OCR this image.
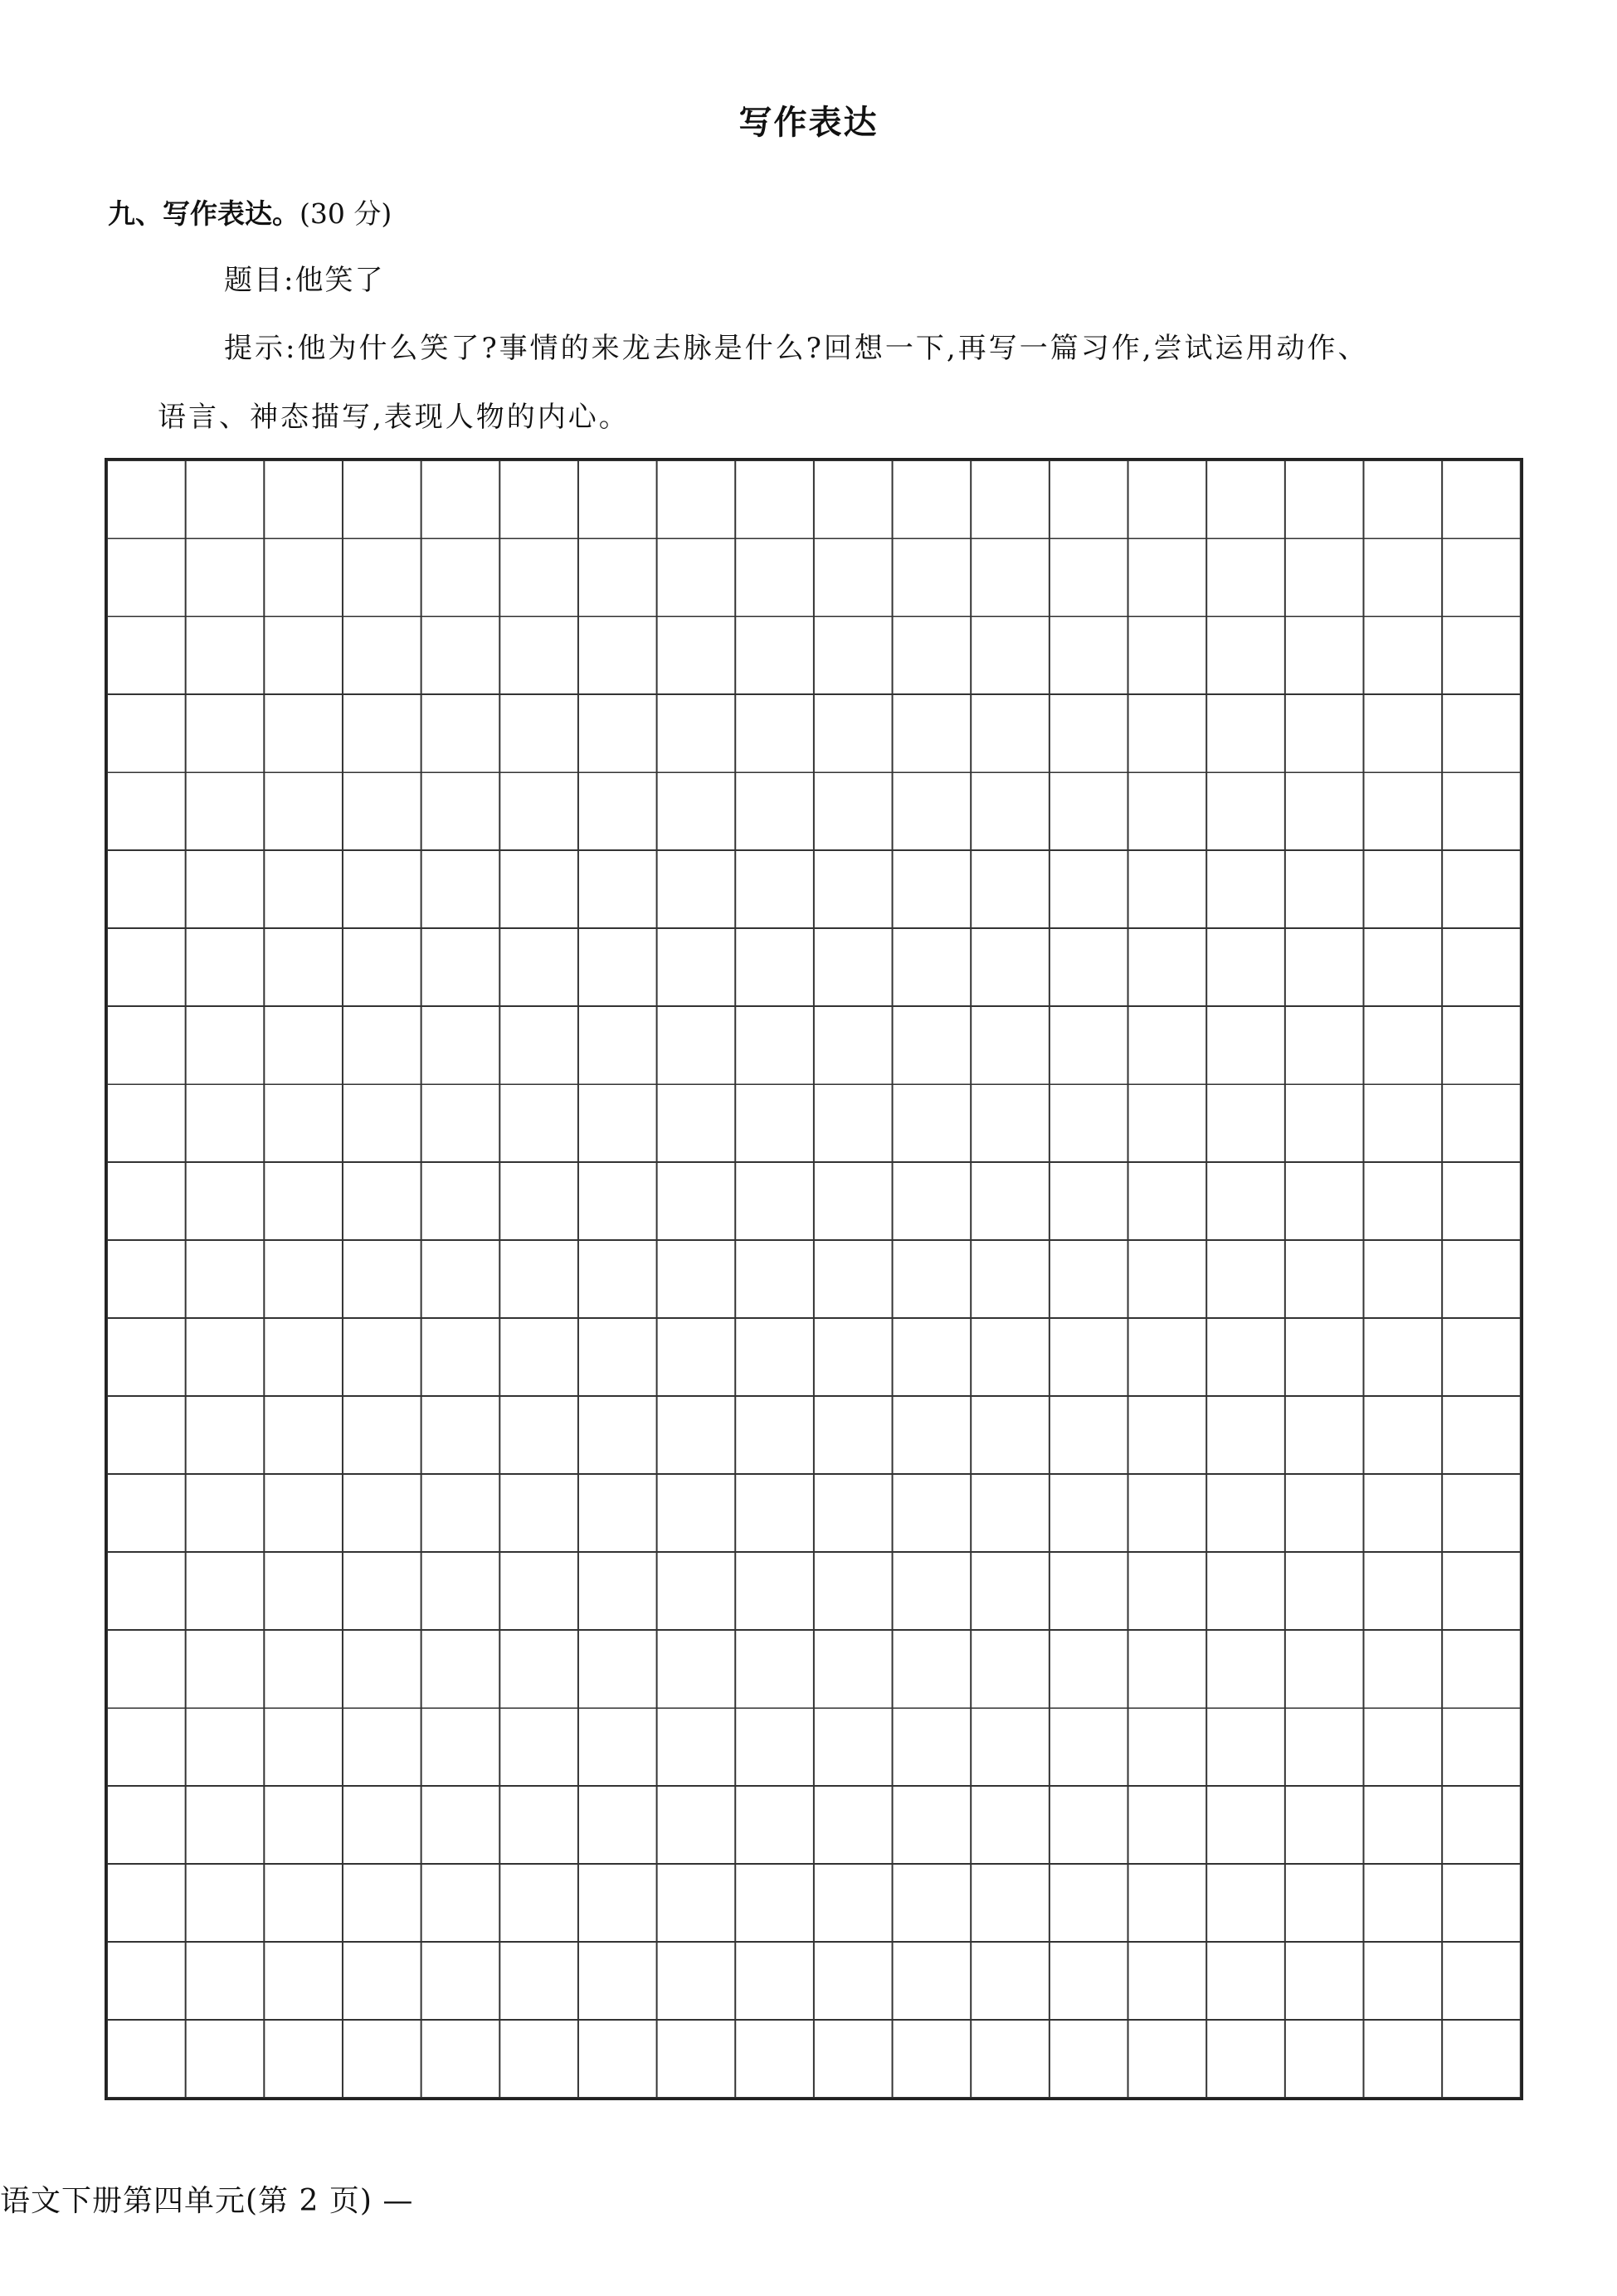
写作表达
九、写作表达。(30 分)
题目:他笑了
提示:他为什么笑了?事情的来龙去脉是什么?回想一下,再写一篇习作,尝试运用动作、
语言、神态描写,表现人物的内心。
语文下册第四单元(第 2 页) —
